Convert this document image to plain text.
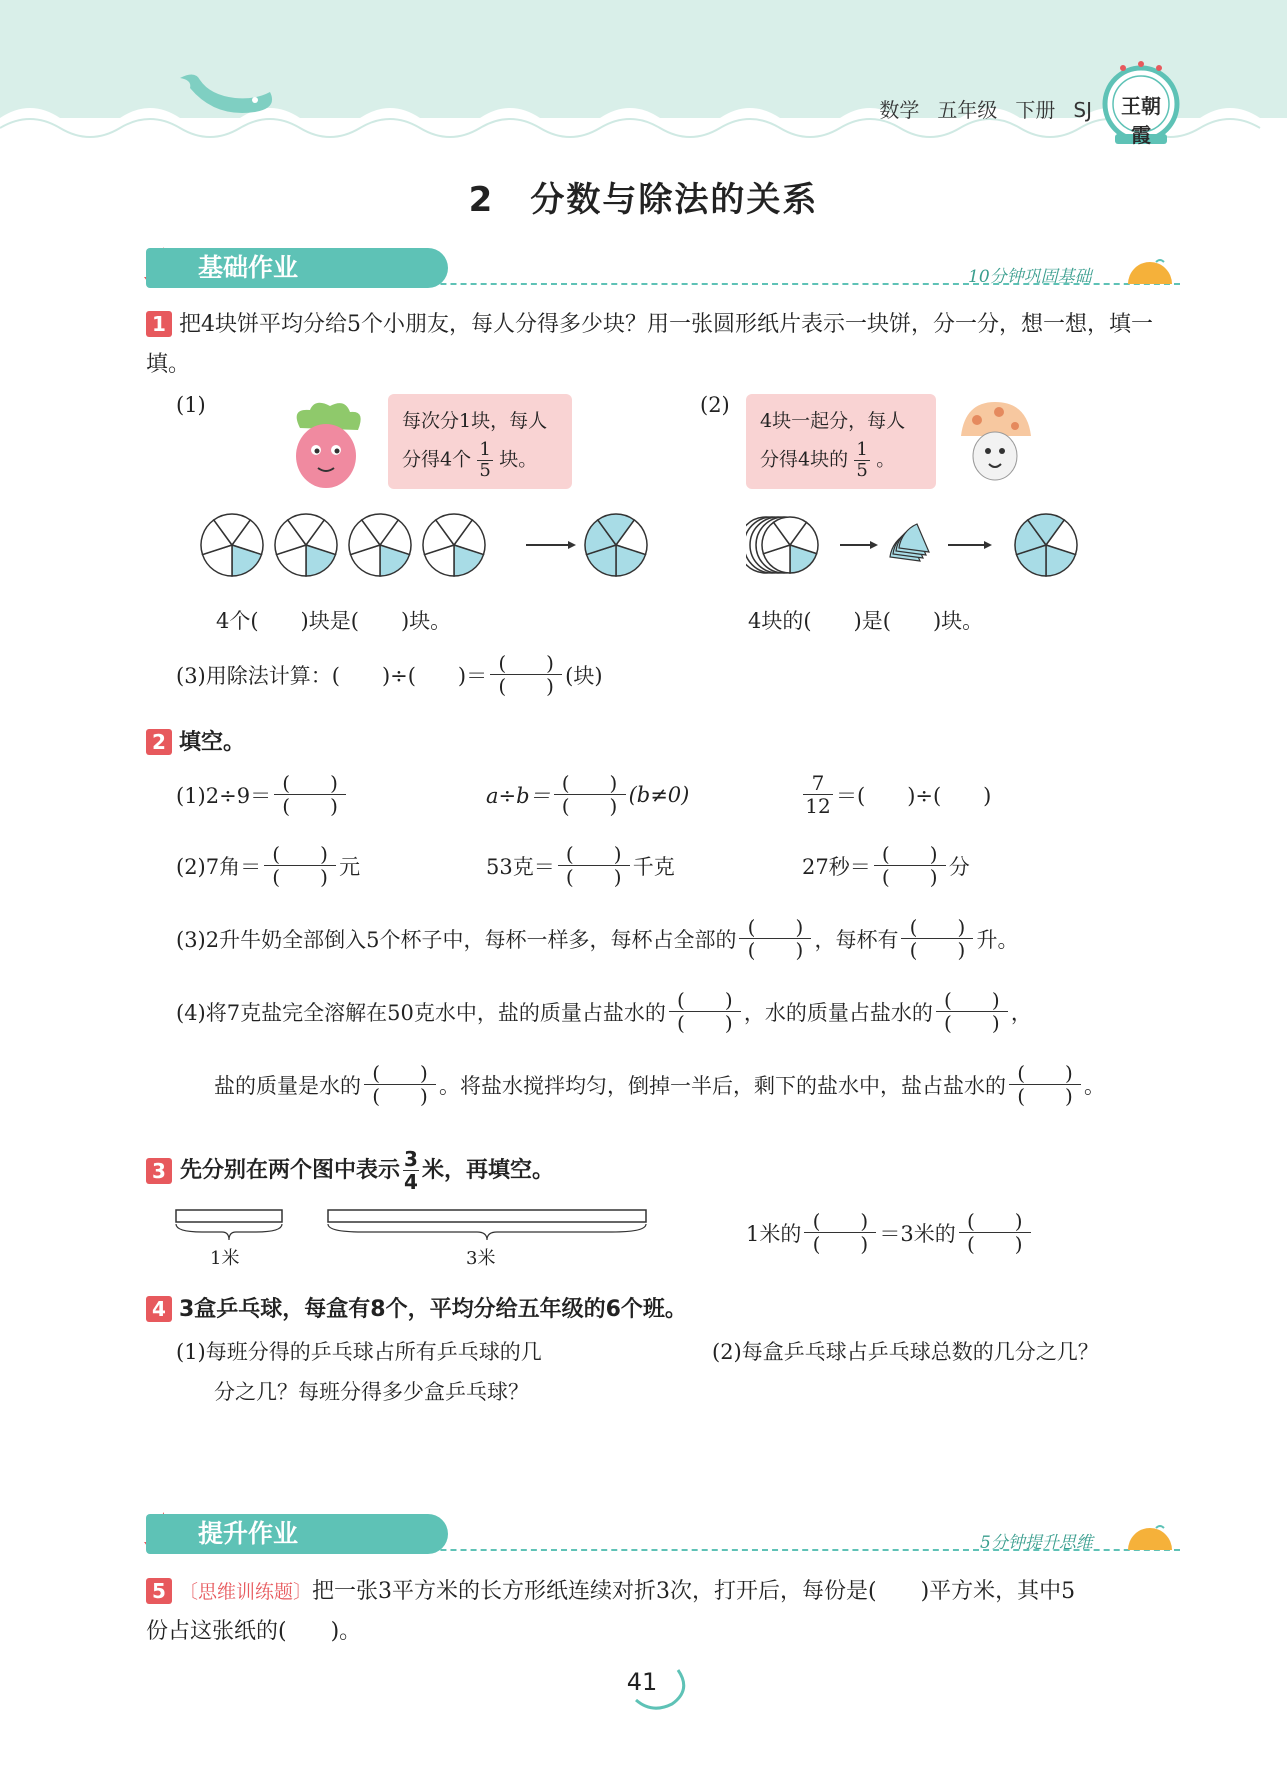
数学 五年级 下册 SJ	王朝霞
2　分数与除法的关系
基础作业	10分钟巩固基础
1 把4块饼平均分给5个小朋友，每人分得多少块？用一张圆形纸片表示一块饼，分一分，想一想，填一填。
(1)
每次分1块，每人
分得4个 $\frac{1}{5}$ 块。
(2)
4块一起分，每人
分得4块的 $\frac{1}{5}$ 。
4个(　　)块是(　　)块。	4块的(　　)是(　　)块。
(3)用除法计算：(　　)÷(　　)＝
(　　)
(　　) (块)
2 填空。
(1)2÷9＝
(　　)
(　　)	a÷b＝
(　　)
(　　) (b≠0)	7
12 ＝(　　)÷(　　)
(2)7角＝
(　　)
(　　) 元	53克＝
(　　)
(　　) 千克	27秒＝
(　　)
(　　) 分
(3)2升牛奶全部倒入5个杯子中，每杯一样多，每杯占全部的
(　　)
(　　) ，每杯有
(　　)
(　　) 升。
(4)将7克盐完全溶解在50克水中，盐的质量占盐水的
(　　)
(　　) ，水的质量占盐水的
(　　)
(　　) ，
盐的质量是水的
(　　)
(　　) 。将盐水搅拌均匀，倒掉一半后，剩下的盐水中，盐占盐水的
(　　)
(　　) 。
3 先分别在两个图中表示 3
4 米，再填空。
1米	3米
1米的
(　　)
(　　) ＝3米的
(　　)
(　　)
4 3盒乒乓球，每盒有8个，平均分给五年级的6个班。
(1)每班分得的乒乓球占所有乒乓球的几
分之几？每班分得多少盒乒乓球？
(2)每盒乒乓球占乒乓球总数的几分之几？
提升作业	5分钟提升思维
5 〔思维训练题〕把一张3平方米的长方形纸连续对折3次，打开后，每份是(　　)平方米，其中5
份占这张纸的(　　)。
41
